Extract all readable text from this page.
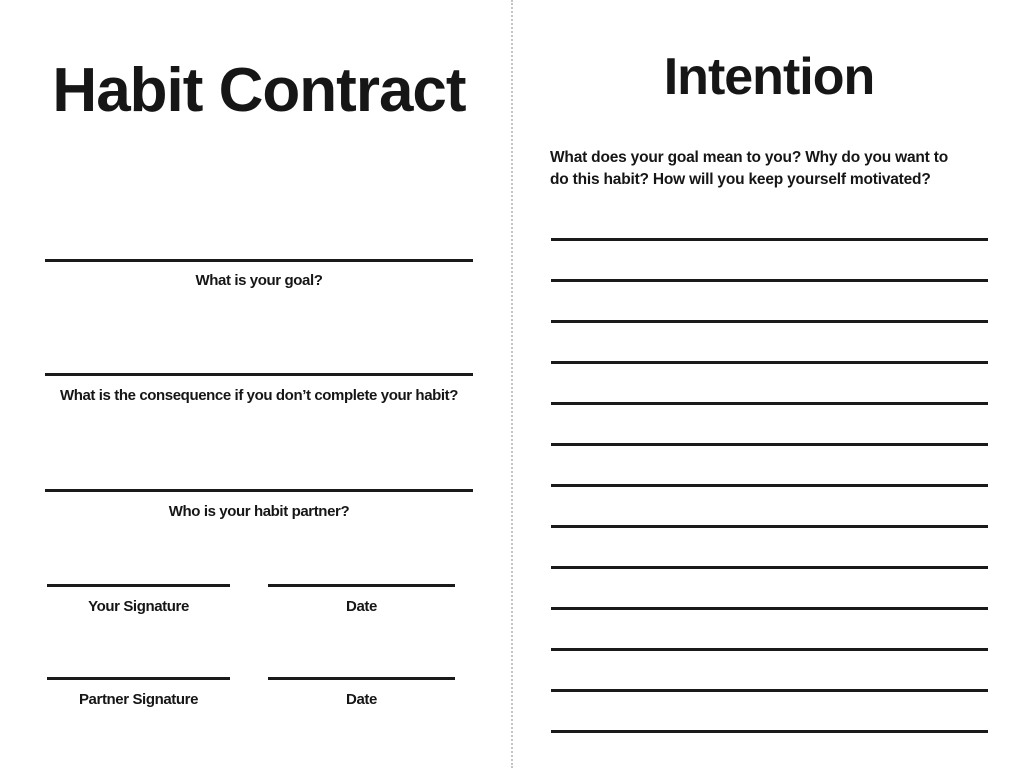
Habit Contract
What is your goal?
What is the consequence if you don’t complete your habit?
Who is your habit partner?
Your Signature	Date
Partner Signature	Date
Intention
What does your goal mean to you? Why do you want to
do this habit? How will you keep yourself motivated?
